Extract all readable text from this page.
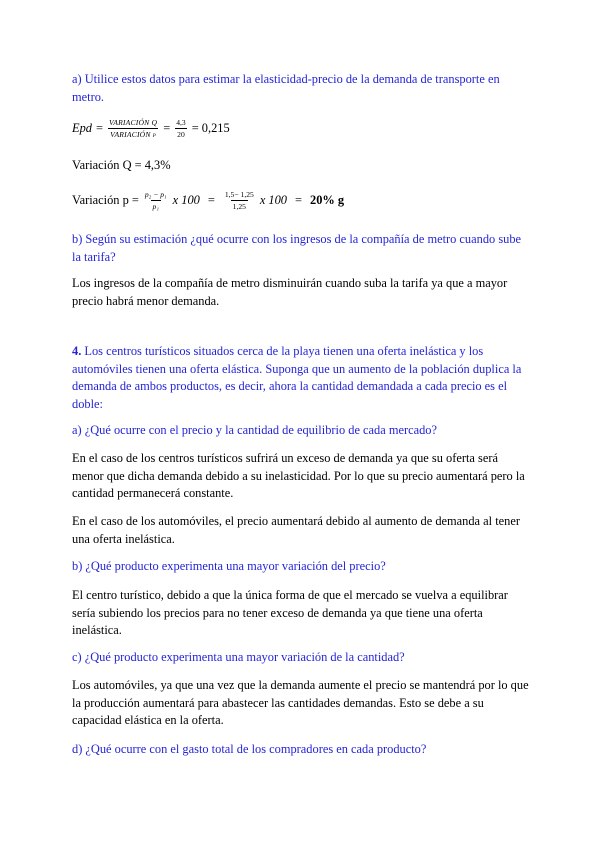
a) Utilice estos datos para estimar la elasticidad-precio de la demanda de transporte en metro.

Epd = $\frac{\text{VARIACIÓN Q}}{\text{VARIACIÓN p}} = \frac{4,3}{20} = 0,215$

Variación Q = 4,3%

Variación $p = \frac{\text{p₂ − p₁}}{\text{p₁}}$ x $100 = \frac{1,5- 1,25}{1,25}$ x 100 = 20% g

b) Según su estimación ¿qué ocurre con los ingresos de la compañía de metro cuando sube la tarifa?

Los ingresos de la compañía de metro disminuirán cuando suba la tarifa ya que a mayor precio habrá menor demanda.

4. Los centros turísticos situados cerca de la playa tienen una oferta inelástica y los automóviles tienen una oferta elástica. Suponga que un aumento de la población duplica la demanda de ambos productos, es decir, ahora la cantidad demandada a cada precio es el doble:

a) ¿Qué ocurre con el precio y la cantidad de equilibrio de cada mercado?

En el caso de los centros turísticos sufrirá un exceso de demanda ya que su oferta será menor que dicha demanda debido a su inelasticidad. Por lo que su precio aumentará pero la cantidad permanecerá constante.

En el caso de los automóviles, el precio aumentará debido al aumento de demanda al tener una oferta inelástica.

b) ¿Qué producto experimenta una mayor variación del precio?

El centro turístico, debido a que la única forma de que el mercado se vuelva a equilibrar sería subiendo los precios para no tener exceso de demanda ya que tiene una oferta inelástica.

c) ¿Qué producto experimenta una mayor variación de la cantidad?

Los automóviles, ya que una vez que la demanda aumente el precio se mantendrá por lo que la producción aumentará para abastecer las cantidades demandas. Esto se debe a su capacidad elástica en la oferta.

d) ¿Qué ocurre con el gasto total de los compradores en cada producto?
